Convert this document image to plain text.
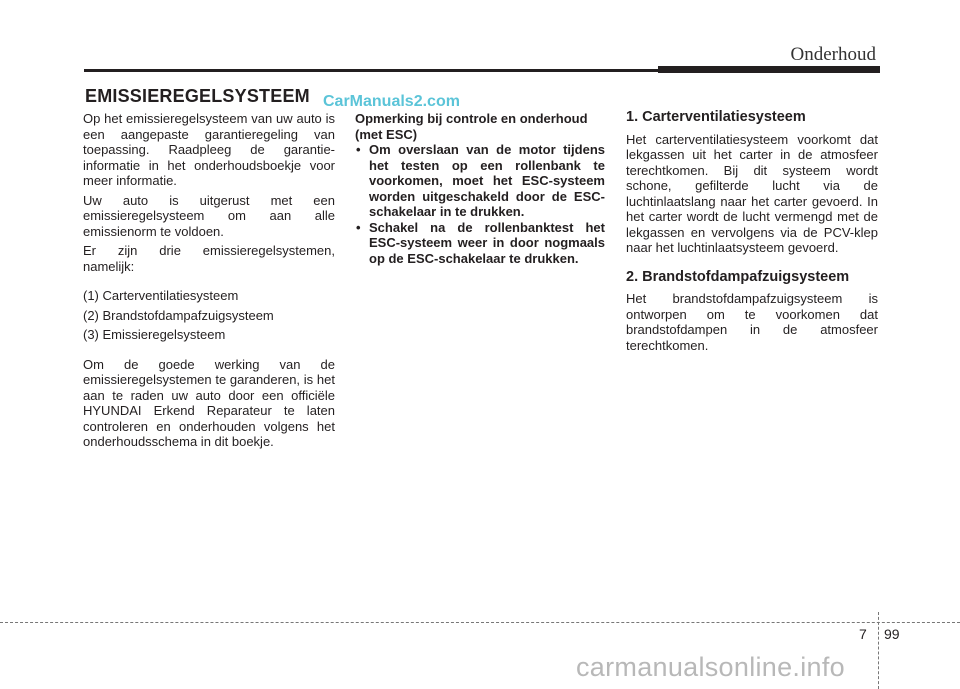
Onderhoud
EMISSIEREGELSYSTEEM CarManuals2.com

Op het emissieregelsysteem van uw auto is een aangepaste garantieregeling van toepassing. Raadpleeg de garantie-informatie in het onderhoudsboekje voor meer informatie.

Uw auto is uitgerust met een emissieregelsysteem om aan alle emissienorm te voldoen.

Er zijn drie emissieregelsystemen, namelijk:

(1) Carterventilatiesysteem

(2) Brandstofdampafzuigsysteem

(3) Emissieregelsysteem

Om de goede werking van de emissieregelsystemen te garanderen, is het aan te raden uw auto door een officiële HYUNDAI Erkend Reparateur te laten controleren en onderhouden volgens het onderhoudsschema in dit boekje.

Opmerking bij controle en onderhoud (met ESC)

• Om overslaan van de motor tijdens het testen op een rollenbank te voorkomen, moet het ESC-systeem worden uitgeschakeld door de ESC-schakelaar in te drukken.
• Schakel na de rollenbanktest het ESC-systeem weer in door nogmaals op de ESC-schakelaar te drukken.
1. Carterventilatiesysteem

Het carterventilatiesysteem voorkomt dat lekgassen uit het carter in de atmosfeer terechtkomen. Bij dit systeem wordt schone, gefilterde lucht via de luchtinlaatslang naar het carter gevoerd. In het carter wordt de lucht vermengd met de lekgassen en vervolgens via de PCV-klep naar het luchtinlaatsysteem gevoerd.

2. Brandstofdampafzuigsysteem

Het brandstofdampafzuigsysteem is ontworpen om te voorkomen dat brandstofdampen in de atmosfeer terechtkomen.

7 99
carmanualsonline.info
